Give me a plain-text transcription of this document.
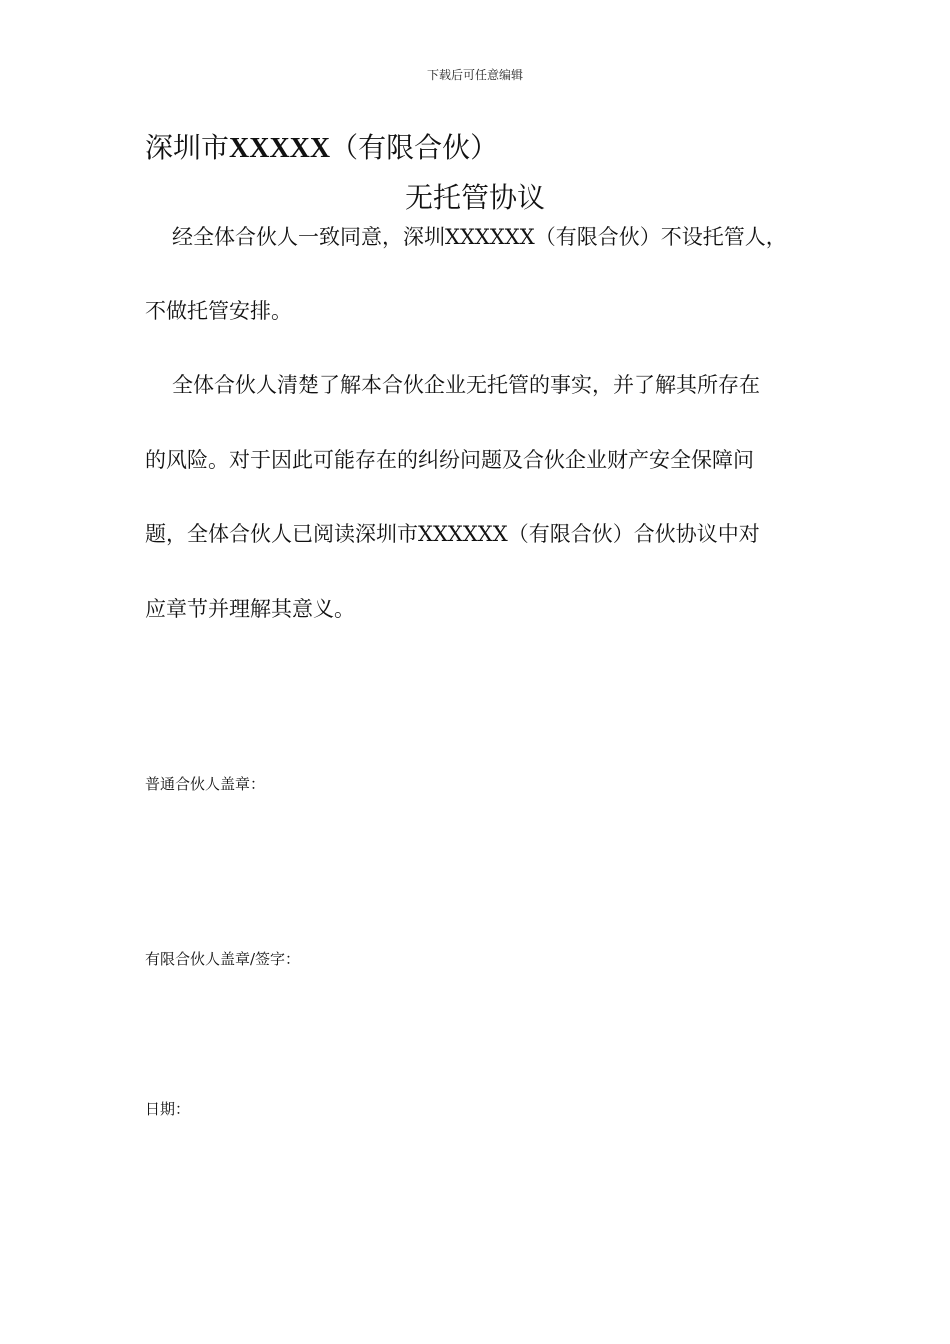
下载后可任意编辑
深圳市XXXXX（有限合伙）
无托管协议
经全体合伙人一致同意，深圳XXXXXX（有限合伙）不设托管人，
不做托管安排。
全体合伙人清楚了解本合伙企业无托管的事实，并了解其所存在
的风险。对于因此可能存在的纠纷问题及合伙企业财产安全保障问
题，全体合伙人已阅读深圳市XXXXXX（有限合伙）合伙协议中对
应章节并理解其意义。
普通合伙人盖章：
有限合伙人盖章/签字：
日期：
